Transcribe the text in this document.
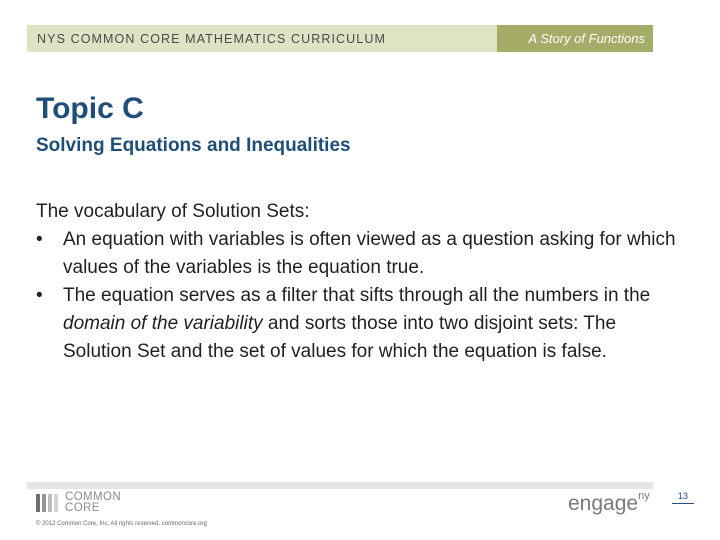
NYS COMMON CORE MATHEMATICS CURRICULUM	A Story of Functions
Topic C
Solving Equations and Inequalities

The vocabulary of Solution Sets:

•	An equation with variables is often viewed as a question asking for which values of the variables is the equation true.
•	The equation serves as a filter that sifts through all the numbers in the domain of the variability and sorts those into two disjoint sets: The Solution Set and the set of values for which the equation is false.
COMMON
CORE
© 2012 Common Core, Inc. All rights reserved. commoncore.org
engage$^{ny}$	13
